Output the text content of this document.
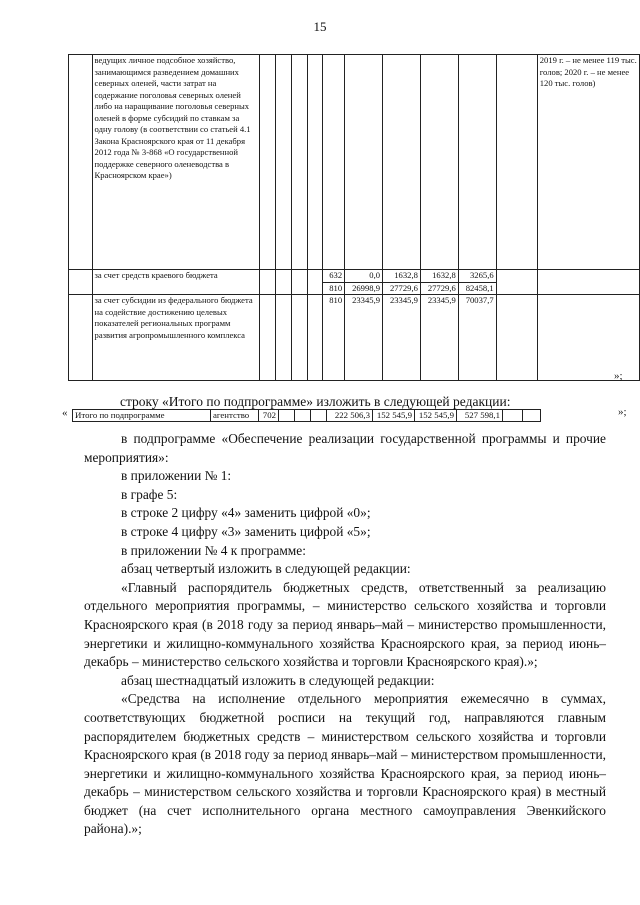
15
	ведущих личное подсобное хозяйство, занимающимся разведением домашних северных оленей, части затрат на содержание поголовья северных оленей либо на наращивание поголовья северных оленей в форме субсидий по ставкам за одну голову (в соответствии со статьей 4.1 Закона Красноярского края от 11 декабря 2012 года № 3-868 «О государственной поддержке северного оленеводства в Красноярском крае»)											2019 г. – не менее 119 тыс. голов; 2020 г. – не менее 120 тыс. голов)
	за счет средств краевого бюджета					632	0,0	1632,8	1632,8	3265,6		
						810	26998,9	27729,6	27729,6	82458,1		
	за счет субсидии из федерального бюджета на содействие достижению целевых показателей региональных программ развития агропромышленного комплекса					810	23345,9	23345,9	23345,9	70037,7		
»;
строку «Итого по подпрограмме» изложить в следующей редакции:
« Итого по подпрограмме	агентство	702				222 506,3	152 545,9	152 545,9	527 598,1			»;

в подпрограмме «Обеспечение реализации государственной программы и прочие мероприятия»:

в приложении № 1:

в графе 5:

в строке 2 цифру «4» заменить цифрой «0»;

в строке 4 цифру «3» заменить цифрой «5»;

в приложении № 4 к программе:

абзац четвертый изложить в следующей редакции:

«Главный распорядитель бюджетных средств, ответственный за реализацию отдельного мероприятия программы, – министерство сельского хозяйства и торговли Красноярского края (в 2018 году за период январь–май – министерство промышленности, энергетики и жилищно-коммунального хозяйства Красноярского края, за период июнь–декабрь – министерство сельского хозяйства и торговли Красноярского края).»;

абзац шестнадцатый изложить в следующей редакции:

«Средства на исполнение отдельного мероприятия ежемесячно в суммах, соответствующих бюджетной росписи на текущий год, направляются главным распорядителем бюджетных средств – министерством сельского хозяйства и торговли Красноярского края (в 2018 году за период январь–май – министерством промышленности, энергетики и жилищно-коммунального хозяйства Красноярского края, за период июнь–декабрь – министерством сельского хозяйства и торговли Красноярского края) в местный бюджет (на счет исполнительного органа местного самоуправления Эвенкийского района).»;
